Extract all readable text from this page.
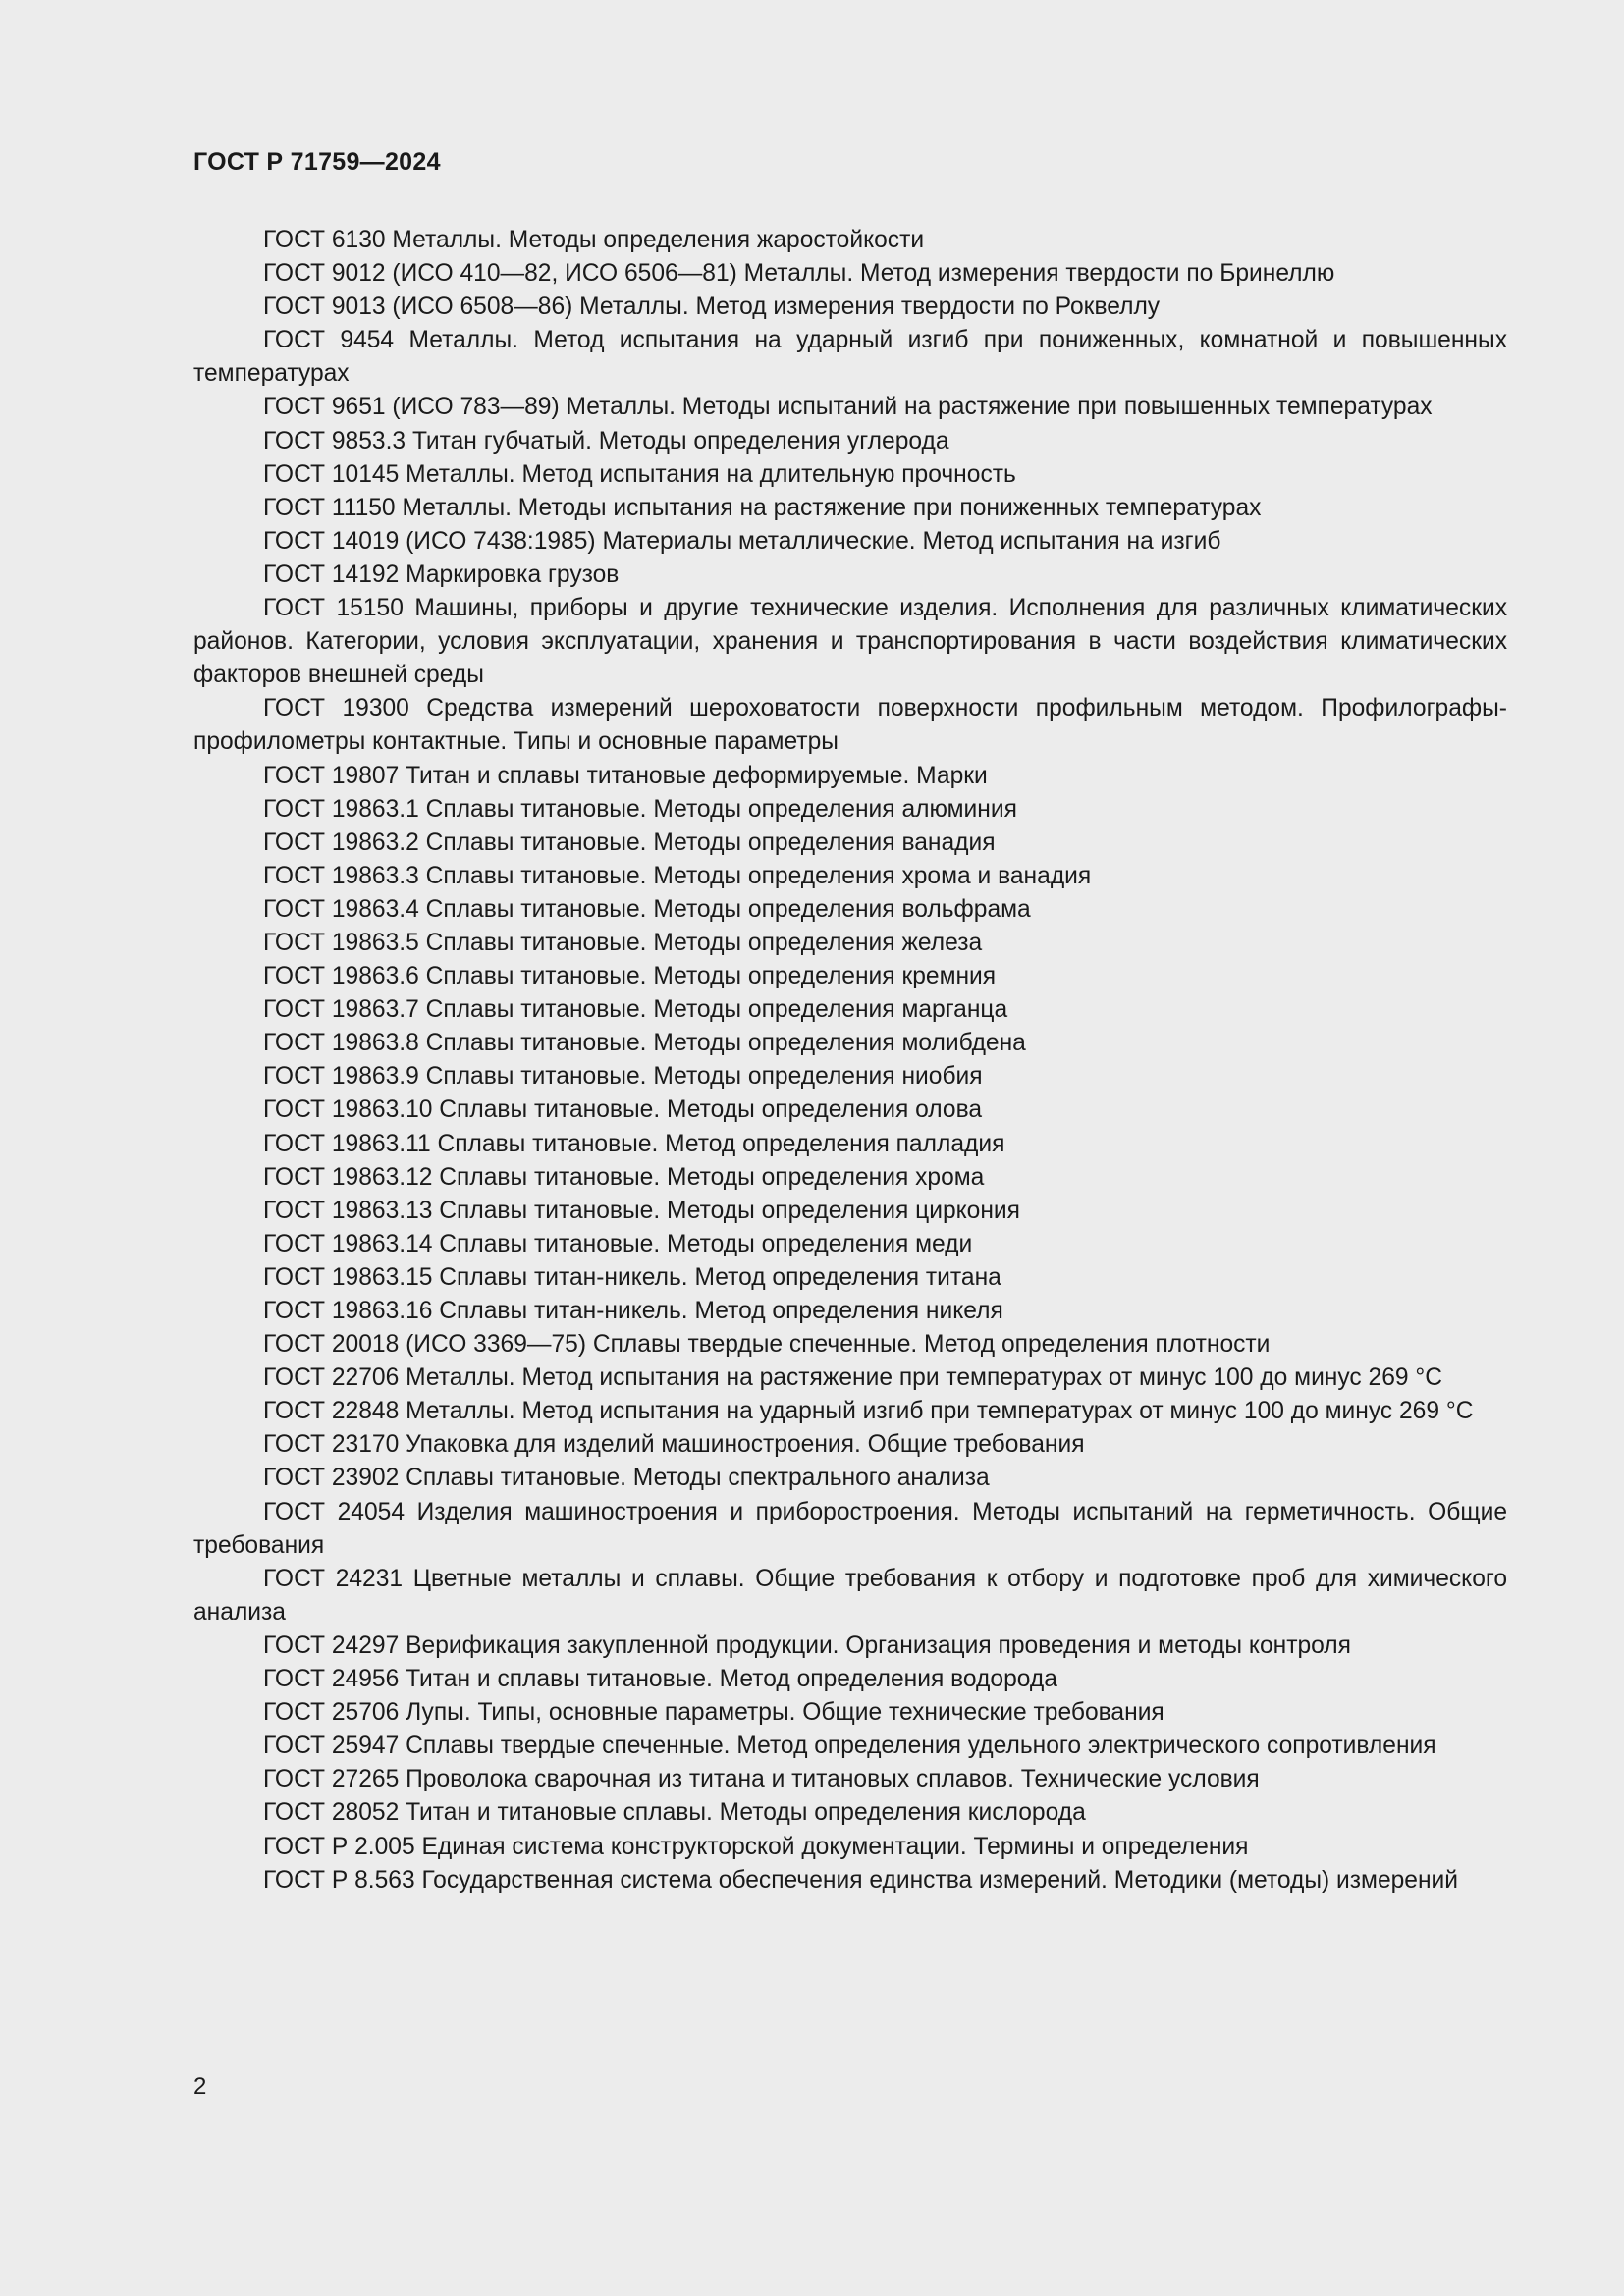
ГОСТ Р 71759—2024
ГОСТ 6130 Металлы. Методы определения жаростойкости
ГОСТ 9012 (ИСО 410—82, ИСО 6506—81) Металлы. Метод измерения твердости по Бринеллю
ГОСТ 9013 (ИСО 6508—86) Металлы. Метод измерения твердости по Роквеллу
ГОСТ 9454 Металлы. Метод испытания на ударный изгиб при пониженных, комнатной и повышенных температурах
ГОСТ 9651 (ИСО 783—89) Металлы. Методы испытаний на растяжение при повышенных температурах
ГОСТ 9853.3 Титан губчатый. Методы определения углерода
ГОСТ 10145 Металлы. Метод испытания на длительную прочность
ГОСТ 11150 Металлы. Методы испытания на растяжение при пониженных температурах
ГОСТ 14019 (ИСО 7438:1985) Материалы металлические. Метод испытания на изгиб
ГОСТ 14192 Маркировка грузов
ГОСТ 15150 Машины, приборы и другие технические изделия. Исполнения для различных климатических районов. Категории, условия эксплуатации, хранения и транспортирования в части воздействия климатических факторов внешней среды
ГОСТ 19300 Средства измерений шероховатости поверхности профильным методом. Профилографы-профилометры контактные. Типы и основные параметры
ГОСТ 19807 Титан и сплавы титановые деформируемые. Марки
ГОСТ 19863.1 Сплавы титановые. Методы определения алюминия
ГОСТ 19863.2 Сплавы титановые. Методы определения ванадия
ГОСТ 19863.3 Сплавы титановые. Методы определения хрома и ванадия
ГОСТ 19863.4 Сплавы титановые. Методы определения вольфрама
ГОСТ 19863.5 Сплавы титановые. Методы определения железа
ГОСТ 19863.6 Сплавы титановые. Методы определения кремния
ГОСТ 19863.7 Сплавы титановые. Методы определения марганца
ГОСТ 19863.8 Сплавы титановые. Методы определения молибдена
ГОСТ 19863.9 Сплавы титановые. Методы определения ниобия
ГОСТ 19863.10 Сплавы титановые. Методы определения олова
ГОСТ 19863.11 Сплавы титановые. Метод определения палладия
ГОСТ 19863.12 Сплавы титановые. Методы определения хрома
ГОСТ 19863.13 Сплавы титановые. Методы определения циркония
ГОСТ 19863.14 Сплавы титановые. Методы определения меди
ГОСТ 19863.15 Сплавы титан-никель. Метод определения титана
ГОСТ 19863.16 Сплавы титан-никель. Метод определения никеля
ГОСТ 20018 (ИСО 3369—75) Сплавы твердые спеченные. Метод определения плотности
ГОСТ 22706 Металлы. Метод испытания на растяжение при температурах от минус 100 до минус 269 °С
ГОСТ 22848 Металлы. Метод испытания на ударный изгиб при температурах от минус 100 до минус 269 °С
ГОСТ 23170 Упаковка для изделий машиностроения. Общие требования
ГОСТ 23902 Сплавы титановые. Методы спектрального анализа
ГОСТ 24054 Изделия машиностроения и приборостроения. Методы испытаний на герметичность. Общие требования
ГОСТ 24231 Цветные металлы и сплавы. Общие требования к отбору и подготовке проб для химического анализа
ГОСТ 24297 Верификация закупленной продукции. Организация проведения и методы контроля
ГОСТ 24956 Титан и сплавы титановые. Метод определения водорода
ГОСТ 25706 Лупы. Типы, основные параметры. Общие технические требования
ГОСТ 25947 Сплавы твердые спеченные. Метод определения удельного электрического сопротивления
ГОСТ 27265 Проволока сварочная из титана и титановых сплавов. Технические условия
ГОСТ 28052 Титан и титановые сплавы. Методы определения кислорода
ГОСТ Р 2.005 Единая система конструкторской документации. Термины и определения
ГОСТ Р 8.563 Государственная система обеспечения единства измерений. Методики (методы) измерений
2
